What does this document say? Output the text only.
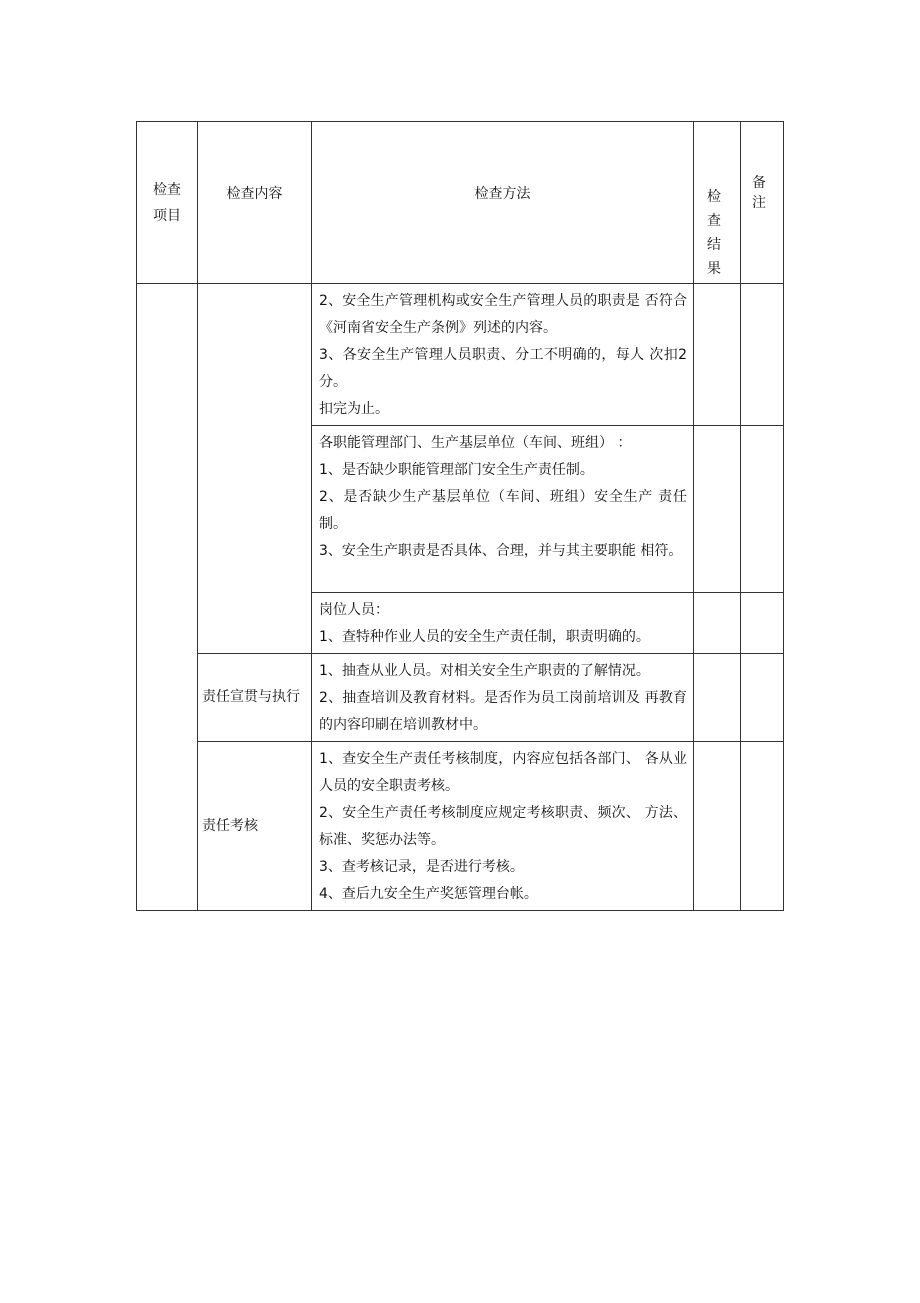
检查 项目	检查内容	检查方法	检 查 结 果	备 注

		2、安全生产管理机构或安全生产管理人员的职责是 否符合《河南省安全生产条例》列述的内容。

3、各安全生产管理人员职责、分工不明确的，每人 次扣2分。

扣完为止。		

		各职能管理部门、生产基层单位（车间、班组） ：

1、是否缺少职能管理部门安全生产责任制。

2、是否缺少生产基层单位（车间、班组）安全生产 责任制。

3、安全生产职责是否具体、合理，并与其主要职能 相符。		

		岗位人员：

1、查特种作业人员的安全生产责任制，职责明确的。		

	责任宣贯与执行	1、抽查从业人员。对相关安全生产职责的了解情况。

2、抽查培训及教育材料。是否作为员工岗前培训及 再教育的内容印刷在培训教材中。		

	责任考核	1、查安全生产责任考核制度，内容应包括各部门、 各从业人员的安全职责考核。

2、安全生产责任考核制度应规定考核职责、频次、 方法、标准、奖惩办法等。

3、查考核记录，是否进行考核。

4、查后九安全生产奖惩管理台帐。		
